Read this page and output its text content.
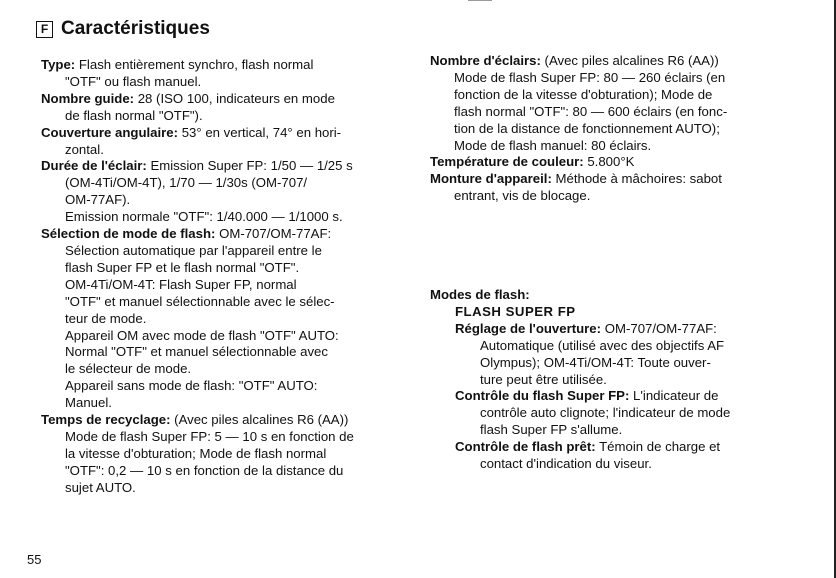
F Caractéristiques
Type: Flash entièrement synchro, flash normal
"OTF" ou flash manuel.
Nombre guide: 28 (ISO 100, indicateurs en mode
de flash normal "OTF").
Couverture angulaire: 53° en vertical, 74° en hori-
zontal.
Durée de l'éclair: Emission Super FP: 1/50 — 1/25 s
(OM-4Ti/OM-4T), 1/70 — 1/30s (OM-707/
OM-77AF).
Emission normale "OTF": 1/40.000 — 1/1000 s.
Sélection de mode de flash: OM-707/OM-77AF:
Sélection automatique par l'appareil entre le
flash Super FP et le flash normal "OTF".
OM-4Ti/OM-4T: Flash Super FP, normal
"OTF" et manuel sélectionnable avec le sélec-
teur de mode.
Appareil OM avec mode de flash "OTF" AUTO:
Normal "OTF" et manuel sélectionnable avec
le sélecteur de mode.
Appareil sans mode de flash: "OTF" AUTO:
Manuel.
Temps de recyclage: (Avec piles alcalines R6 (AA))
Mode de flash Super FP: 5 — 10 s en fonction de
la vitesse d'obturation; Mode de flash normal
"OTF": 0,2 — 10 s en fonction de la distance du
sujet AUTO.
Nombre d'éclairs: (Avec piles alcalines R6 (AA))
Mode de flash Super FP: 80 — 260 éclairs (en
fonction de la vitesse d'obturation); Mode de
flash normal "OTF": 80 — 600 éclairs (en fonc-
tion de la distance de fonctionnement AUTO);
Mode de flash manuel: 80 éclairs.
Température de couleur: 5.800°K
Monture d'appareil: Méthode à mâchoires: sabot
entrant, vis de blocage.
Modes de flash:
FLASH SUPER FP
Réglage de l'ouverture: OM-707/OM-77AF:
Automatique (utilisé avec des objectifs AF
Olympus); OM-4Ti/OM-4T: Toute ouver-
ture peut être utilisée.
Contrôle du flash Super FP: L'indicateur de
contrôle auto clignote; l'indicateur de mode
flash Super FP s'allume.
Contrôle de flash prêt: Témoin de charge et
contact d'indication du viseur.
55
